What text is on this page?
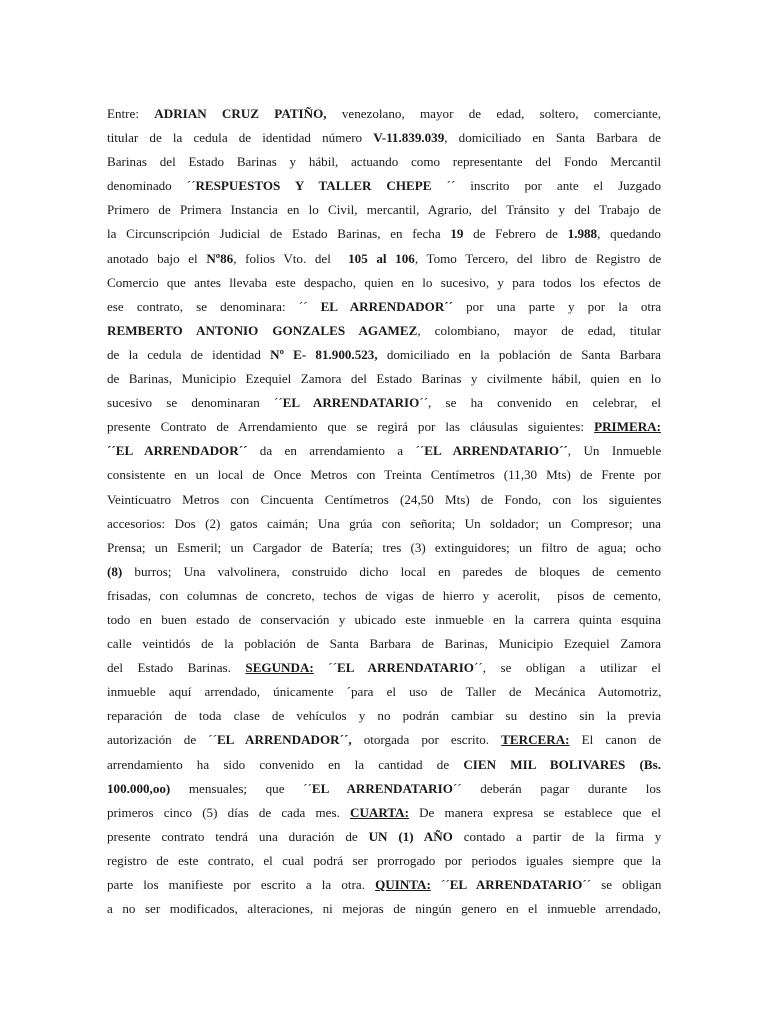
Entre: ADRIAN CRUZ PATIÑO, venezolano, mayor de edad, soltero, comerciante,
titular de la cedula de identidad número V-11.839.039, domiciliado en Santa Barbara de
Barinas del Estado Barinas y hábil, actuando como representante del Fondo Mercantil
denominado ´´RESPUESTOS Y TALLER CHEPE ´´ inscrito por ante el Juzgado
Primero de Primera Instancia en lo Civil, mercantil, Agrario, del Tránsito y del Trabajo de
la Circunscripción Judicial de Estado Barinas, en fecha 19 de Febrero de 1.988, quedando
anotado bajo el Nº86, folios Vto. del  105 al 106, Tomo Tercero, del libro de Registro de
Comercio que antes llevaba este despacho, quien en lo sucesivo, y para todos los efectos de
ese contrato, se denominara: ´´ EL ARRENDADOR´´ por una parte y por la otra
REMBERTO ANTONIO GONZALES AGAMEZ, colombiano, mayor de edad, titular
de la cedula de identidad Nº E- 81.900.523, domiciliado en la población de Santa Barbara
de Barinas, Municipio Ezequiel Zamora del Estado Barinas y civilmente hábil, quien en lo
sucesivo se denominaran ´´EL ARRENDATARIO´´, se ha convenido en celebrar, el
presente Contrato de Arrendamiento que se regirá por las cláusulas siguientes: PRIMERA:
´´EL ARRENDADOR´´ da en arrendamiento a ´´EL ARRENDATARIO´´, Un Inmueble
consistente en un local de Once Metros con Treinta Centímetros (11,30 Mts) de Frente por
Veinticuatro Metros con Cincuenta Centímetros (24,50 Mts) de Fondo, con los siguientes
accesorios: Dos (2) gatos caimán; Una grúa con señorita; Un soldador; un Compresor; una
Prensa; un Esmeril; un Cargador de Batería; tres (3) extinguidores; un filtro de agua; ocho
(8) burros; Una valvolinera, construido dicho local en paredes de bloques de cemento
frisadas, con columnas de concreto, techos de vigas de hierro y acerolit,  pisos de cemento,
todo en buen estado de conservación y ubicado este inmueble en la carrera quinta esquina
calle veintidós de la población de Santa Barbara de Barinas, Municipio Ezequiel Zamora
del Estado Barinas. SEGUNDA: ´´EL ARRENDATARIO´´, se obligan a utilizar el
inmueble aquí arrendado, únicamente ´para el uso de Taller de Mecánica Automotriz,
reparación de toda clase de vehículos y no podrán cambiar su destino sin la previa
autorización de ´´EL ARRENDADOR´´, otorgada por escrito. TERCERA: El canon de
arrendamiento ha sido convenido en la cantidad de CIEN MIL BOLIVARES (Bs.
100.000,oo) mensuales; que ´´EL ARRENDATARIO´´ deberán pagar durante los
primeros cinco (5) días de cada mes. CUARTA: De manera expresa se establece que el
presente contrato tendrá una duración de UN (1) AÑO contado a partir de la firma y
registro de este contrato, el cual podrá ser prorrogado por periodos iguales siempre que la
parte los manifieste por escrito a la otra. QUINTA: ´´EL ARRENDATARIO´´ se obligan
a no ser modificados, alteraciones, ni mejoras de ningún genero en el inmueble arrendado,
